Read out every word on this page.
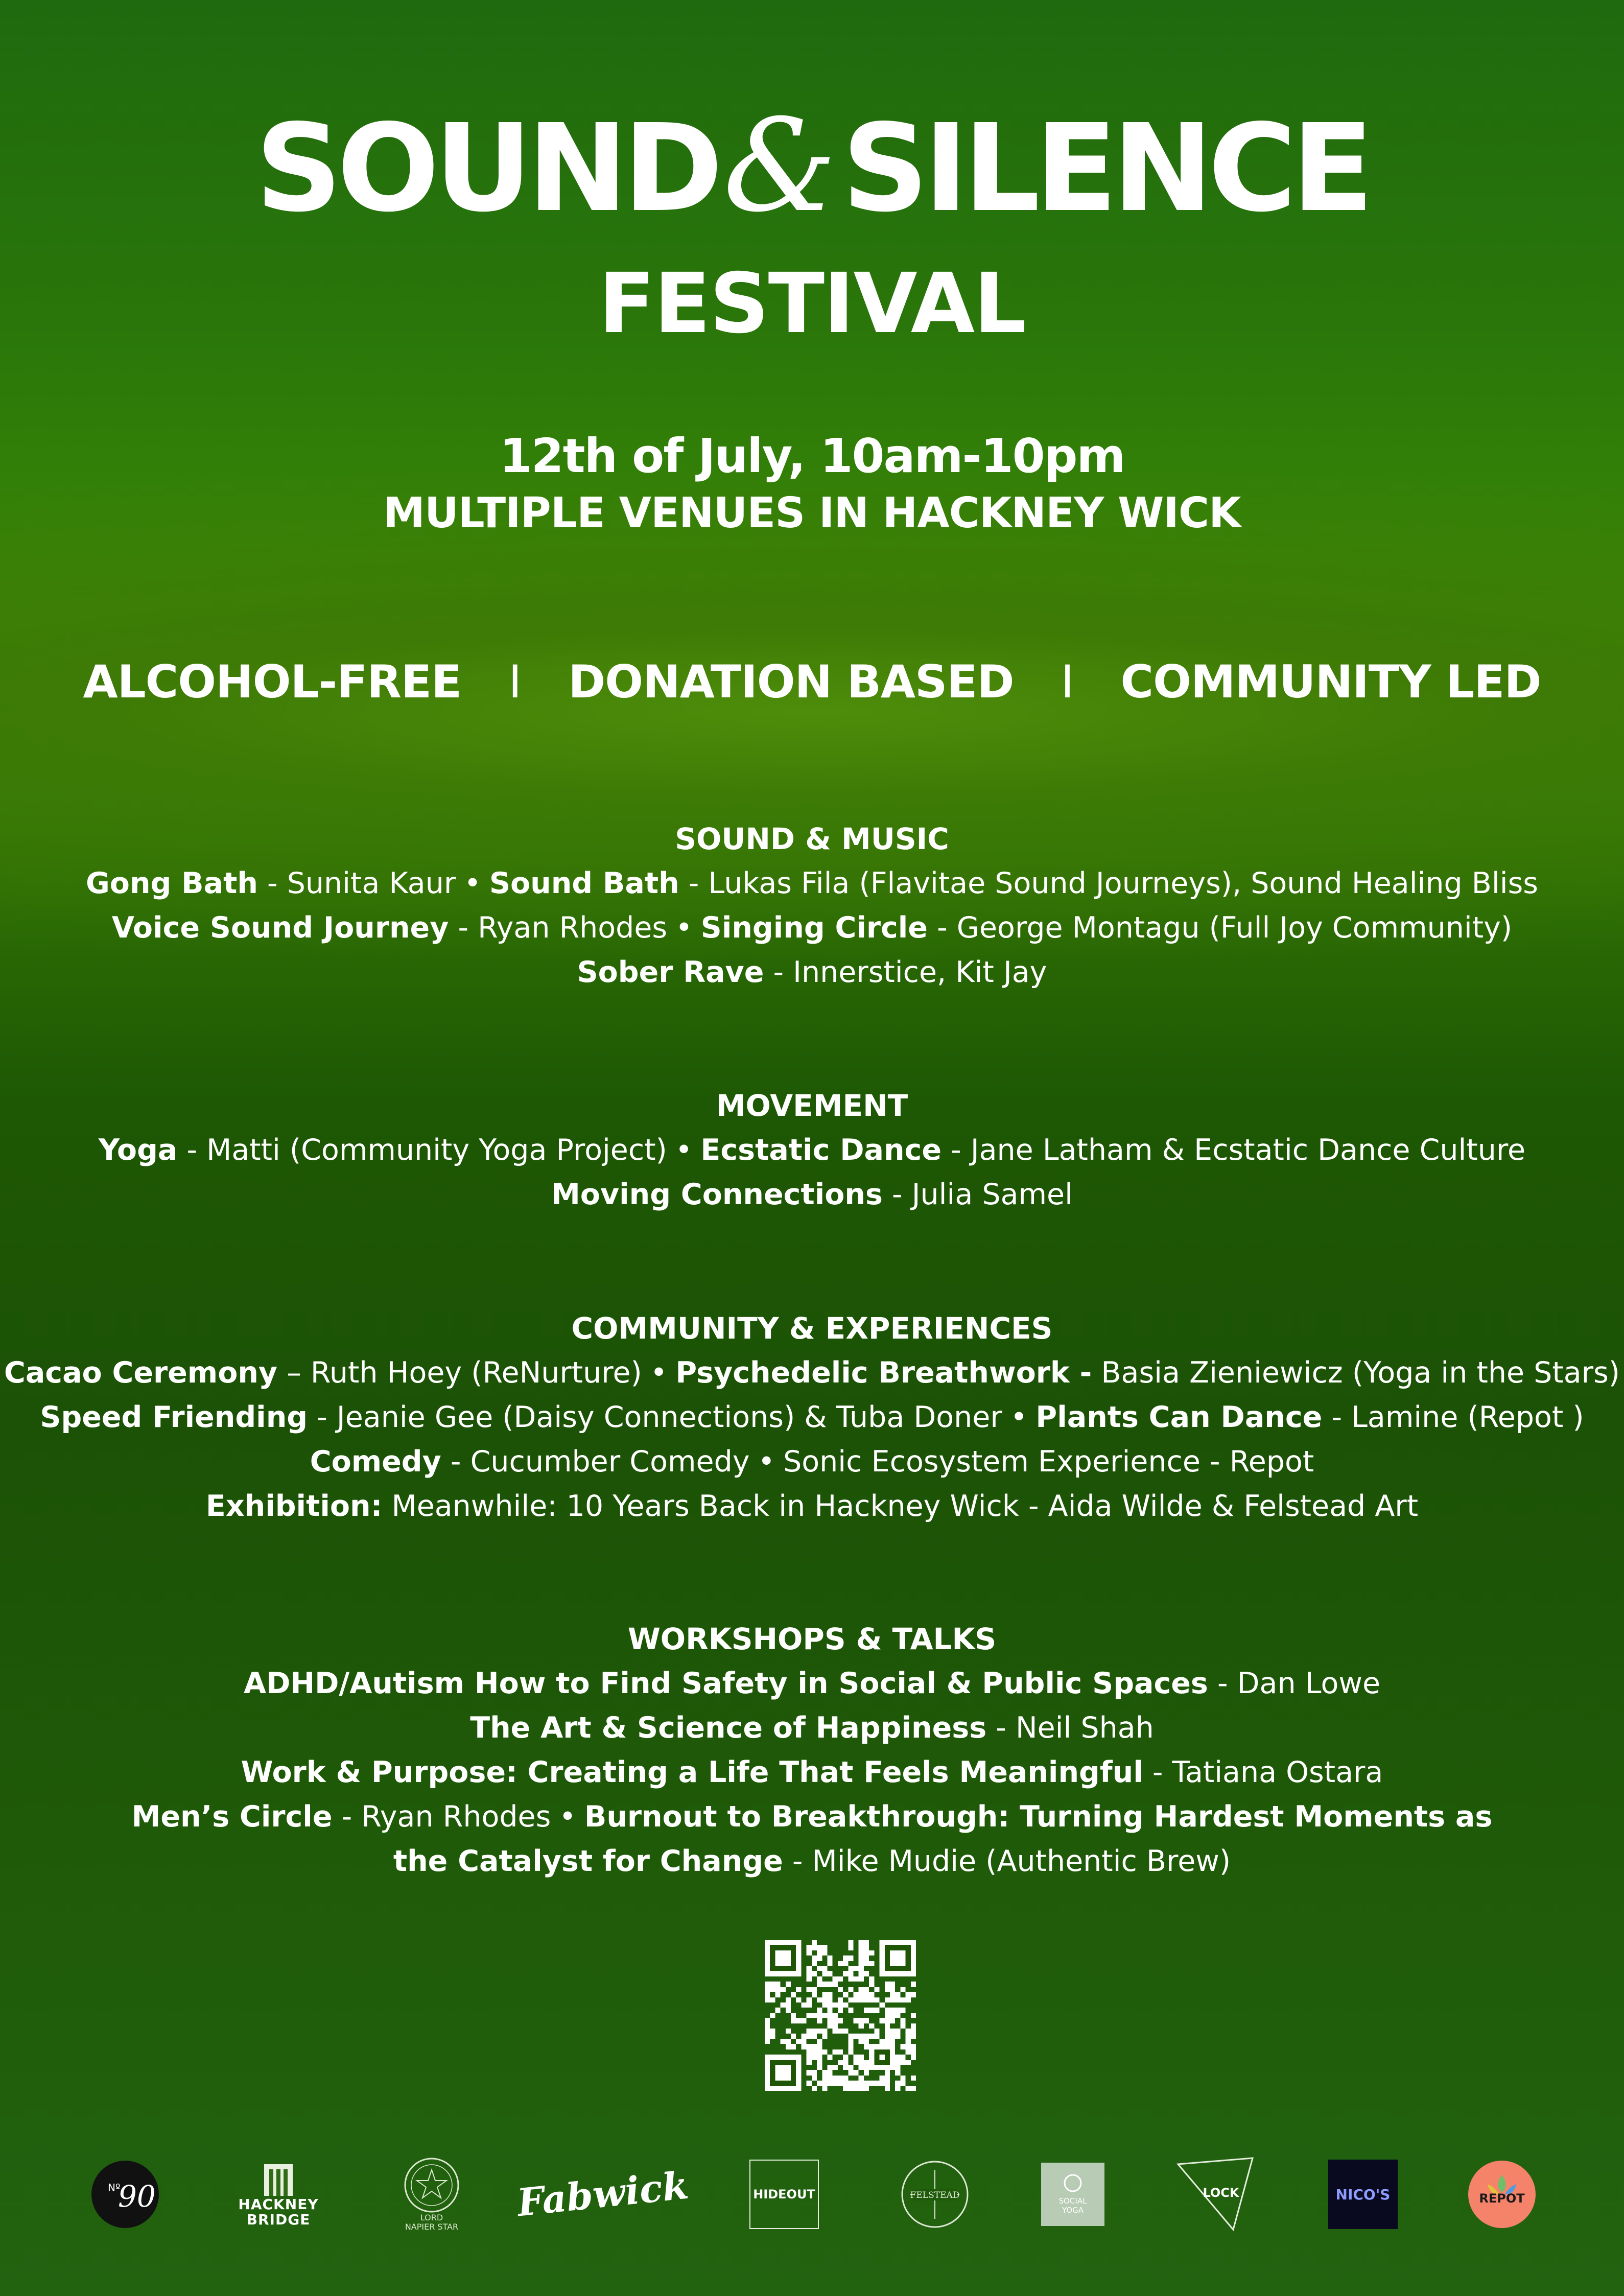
SOUND&SILENCE
FESTIVAL
12th of July, 10am-10pm
MULTIPLE VENUES IN HACKNEY WICK
ALCOHOL-FREE I DONATION BASED I COMMUNITY LED
SOUND & MUSIC
Gong Bath - Sunita Kaur • Sound Bath - Lukas Fila (Flavitae Sound Journeys), Sound Healing Bliss
Voice Sound Journey - Ryan Rhodes • Singing Circle - George Montagu (Full Joy Community)
Sober Rave - Innerstice, Kit Jay
MOVEMENT
Yoga - Matti (Community Yoga Project) • Ecstatic Dance - Jane Latham & Ecstatic Dance Culture
Moving Connections - Julia Samel
COMMUNITY & EXPERIENCES
Cacao Ceremony – Ruth Hoey (ReNurture) • Psychedelic Breathwork - Basia Zieniewicz (Yoga in the Stars)
Speed Friending - Jeanie Gee (Daisy Connections) & Tuba Doner • Plants Can Dance - Lamine (Repot )
Comedy - Cucumber Comedy • Sonic Ecosystem Experience - Repot
Exhibition: Meanwhile: 10 Years Back in Hackney Wick - Aida Wilde & Felstead Art
WORKSHOPS & TALKS
ADHD/Autism How to Find Safety in Social & Public Spaces - Dan Lowe
The Art & Science of Happiness - Neil Shah
Work & Purpose: Creating a Life That Feels Meaningful - Tatiana Ostara
Men’s Circle - Ryan Rhodes • Burnout to Breakthrough: Turning Hardest Moments as
the Catalyst for Change - Mike Mudie (Authentic Brew)
Nº
90	HACKNEY
BRIDGE	LORD
NAPIER STAR
Fabwick	HIDEOUT	FELSTEAD
SOCIAL
YOGA
LOCK	NICO'S	REPOT
